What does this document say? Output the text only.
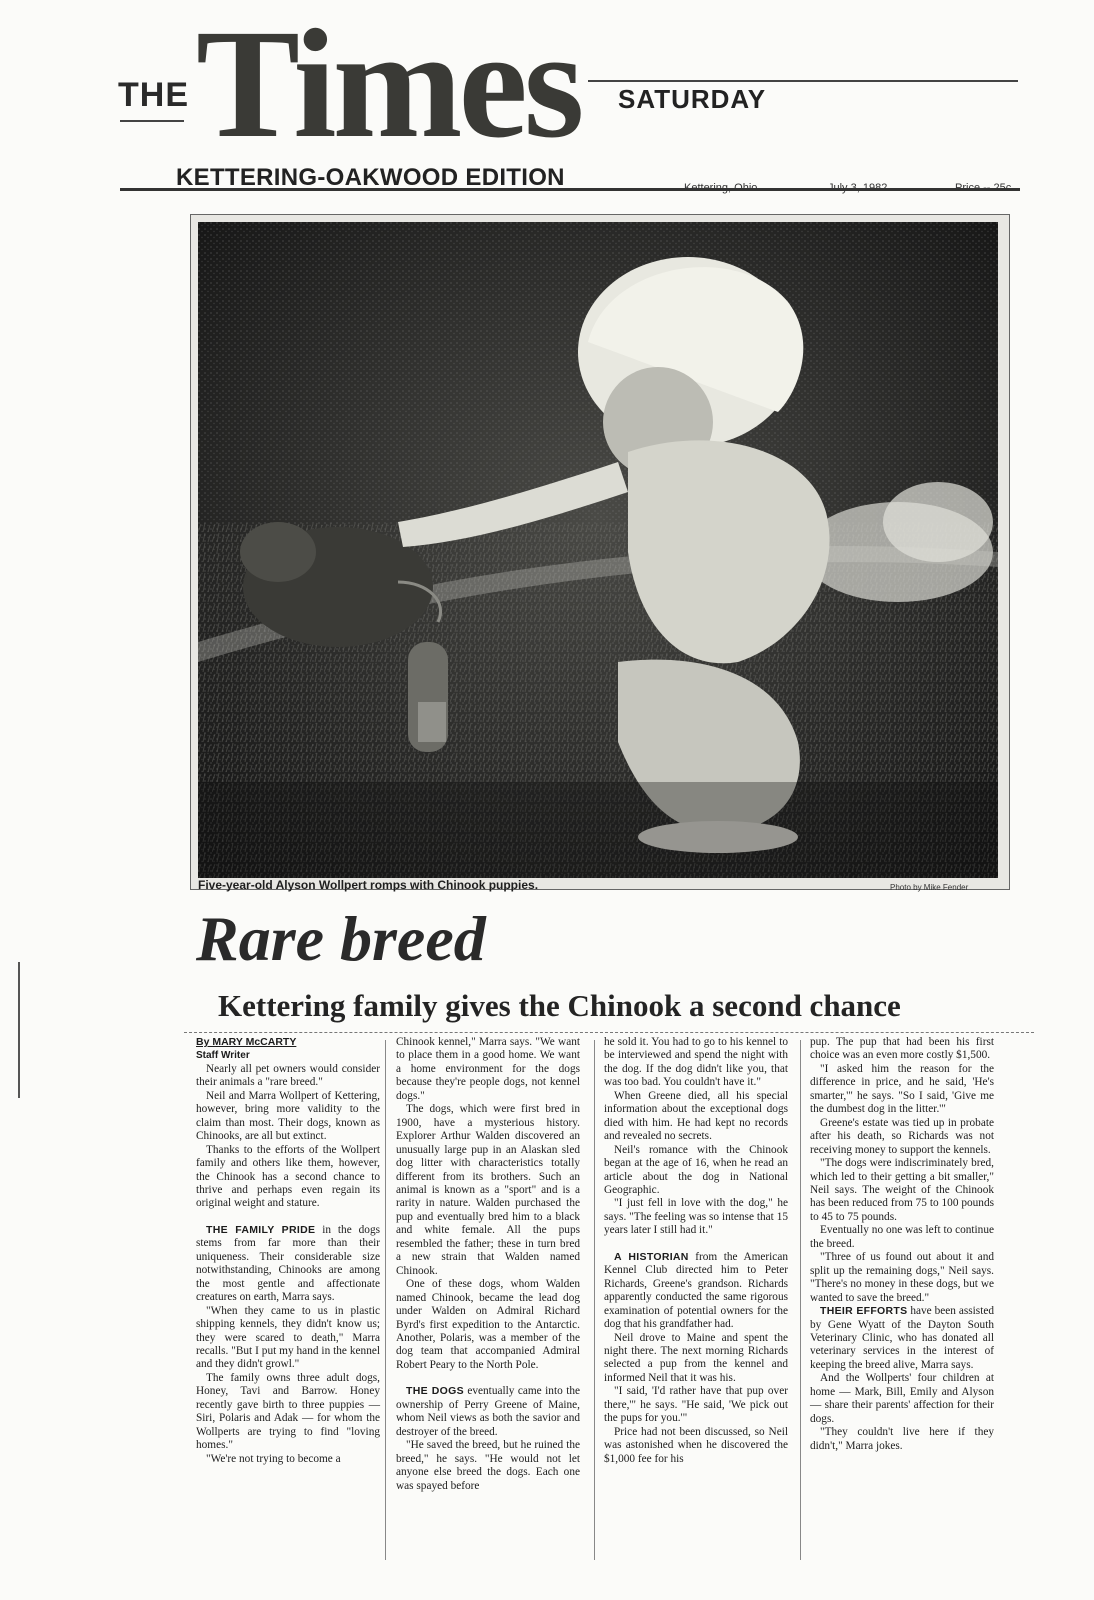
THE Times SATURDAY
KETTERING-OAKWOOD EDITION	Kettering, Ohio	July 3, 1982	Price -- 25c
Five-year-old Alyson Wollpert romps with Chinook puppies.	Photo by Mike Fender
Rare breed
Kettering family gives the Chinook a second chance

By MARY McCARTY

Staff Writer

Nearly all pet owners would consider their animals a "rare breed."

Neil and Marra Wollpert of Kettering, however, bring more validity to the claim than most. Their dogs, known as Chinooks, are all but extinct.

Thanks to the efforts of the Wollpert family and others like them, however, the Chinook has a second chance to thrive and perhaps even regain its original weight and stature.

THE FAMILY PRIDE in the dogs stems from far more than their uniqueness. Their considerable size notwithstanding, Chinooks are among the most gentle and affectionate creatures on earth, Marra says.

"When they came to us in plastic shipping kennels, they didn't know us; they were scared to death," Marra recalls. "But I put my hand in the kennel and they didn't growl."

The family owns three adult dogs, Honey, Tavi and Barrow. Honey recently gave birth to three puppies — Siri, Polaris and Adak — for whom the Wollperts are trying to find "loving homes."

"We're not trying to become a

Chinook kennel," Marra says. "We want to place them in a good home. We want a home environment for the dogs because they're people dogs, not kennel dogs."

The dogs, which were first bred in 1900, have a mysterious history. Explorer Arthur Walden discovered an unusually large pup in an Alaskan sled dog litter with characteristics totally different from its brothers. Such an animal is known as a "sport" and is a rarity in nature. Walden purchased the pup and eventually bred him to a black and white female. All the pups resembled the father; these in turn bred a new strain that Walden named Chinook.

One of these dogs, whom Walden named Chinook, became the lead dog under Walden on Admiral Richard Byrd's first expedition to the Antarctic. Another, Polaris, was a member of the dog team that accompanied Admiral Robert Peary to the North Pole.

THE DOGS eventually came into the ownership of Perry Greene of Maine, whom Neil views as both the savior and destroyer of the breed.

"He saved the breed, but he ruined the breed," he says. "He would not let anyone else breed the dogs. Each one was spayed before

he sold it. You had to go to his kennel to be interviewed and spend the night with the dog. If the dog didn't like you, that was too bad. You couldn't have it."

When Greene died, all his special information about the exceptional dogs died with him. He had kept no records and revealed no secrets.

Neil's romance with the Chinook began at the age of 16, when he read an article about the dog in National Geographic.

"I just fell in love with the dog," he says. "The feeling was so intense that 15 years later I still had it."

A HISTORIAN from the American Kennel Club directed him to Peter Richards, Greene's grandson. Richards apparently conducted the same rigorous examination of potential owners for the dog that his grandfather had.

Neil drove to Maine and spent the night there. The next morning Richards selected a pup from the kennel and informed Neil that it was his.

"I said, 'I'd rather have that pup over there,'" he says. "He said, 'We pick out the pups for you.'"

Price had not been discussed, so Neil was astonished when he discovered the $1,000 fee for his

pup. The pup that had been his first choice was an even more costly $1,500.

"I asked him the reason for the difference in price, and he said, 'He's smarter,'" he says. "So I said, 'Give me the dumbest dog in the litter.'"

Greene's estate was tied up in probate after his death, so Richards was not receiving money to support the kennels.

"The dogs were indiscriminately bred, which led to their getting a bit smaller," Neil says. The weight of the Chinook has been reduced from 75 to 100 pounds to 45 to 75 pounds.

Eventually no one was left to continue the breed.

"Three of us found out about it and split up the remaining dogs," Neil says. "There's no money in these dogs, but we wanted to save the breed."

THEIR EFFORTS have been assisted by Gene Wyatt of the Dayton South Veterinary Clinic, who has donated all veterinary services in the interest of keeping the breed alive, Marra says.

And the Wollperts' four children at home — Mark, Bill, Emily and Alyson — share their parents' affection for their dogs.

"They couldn't live here if they didn't," Marra jokes.
